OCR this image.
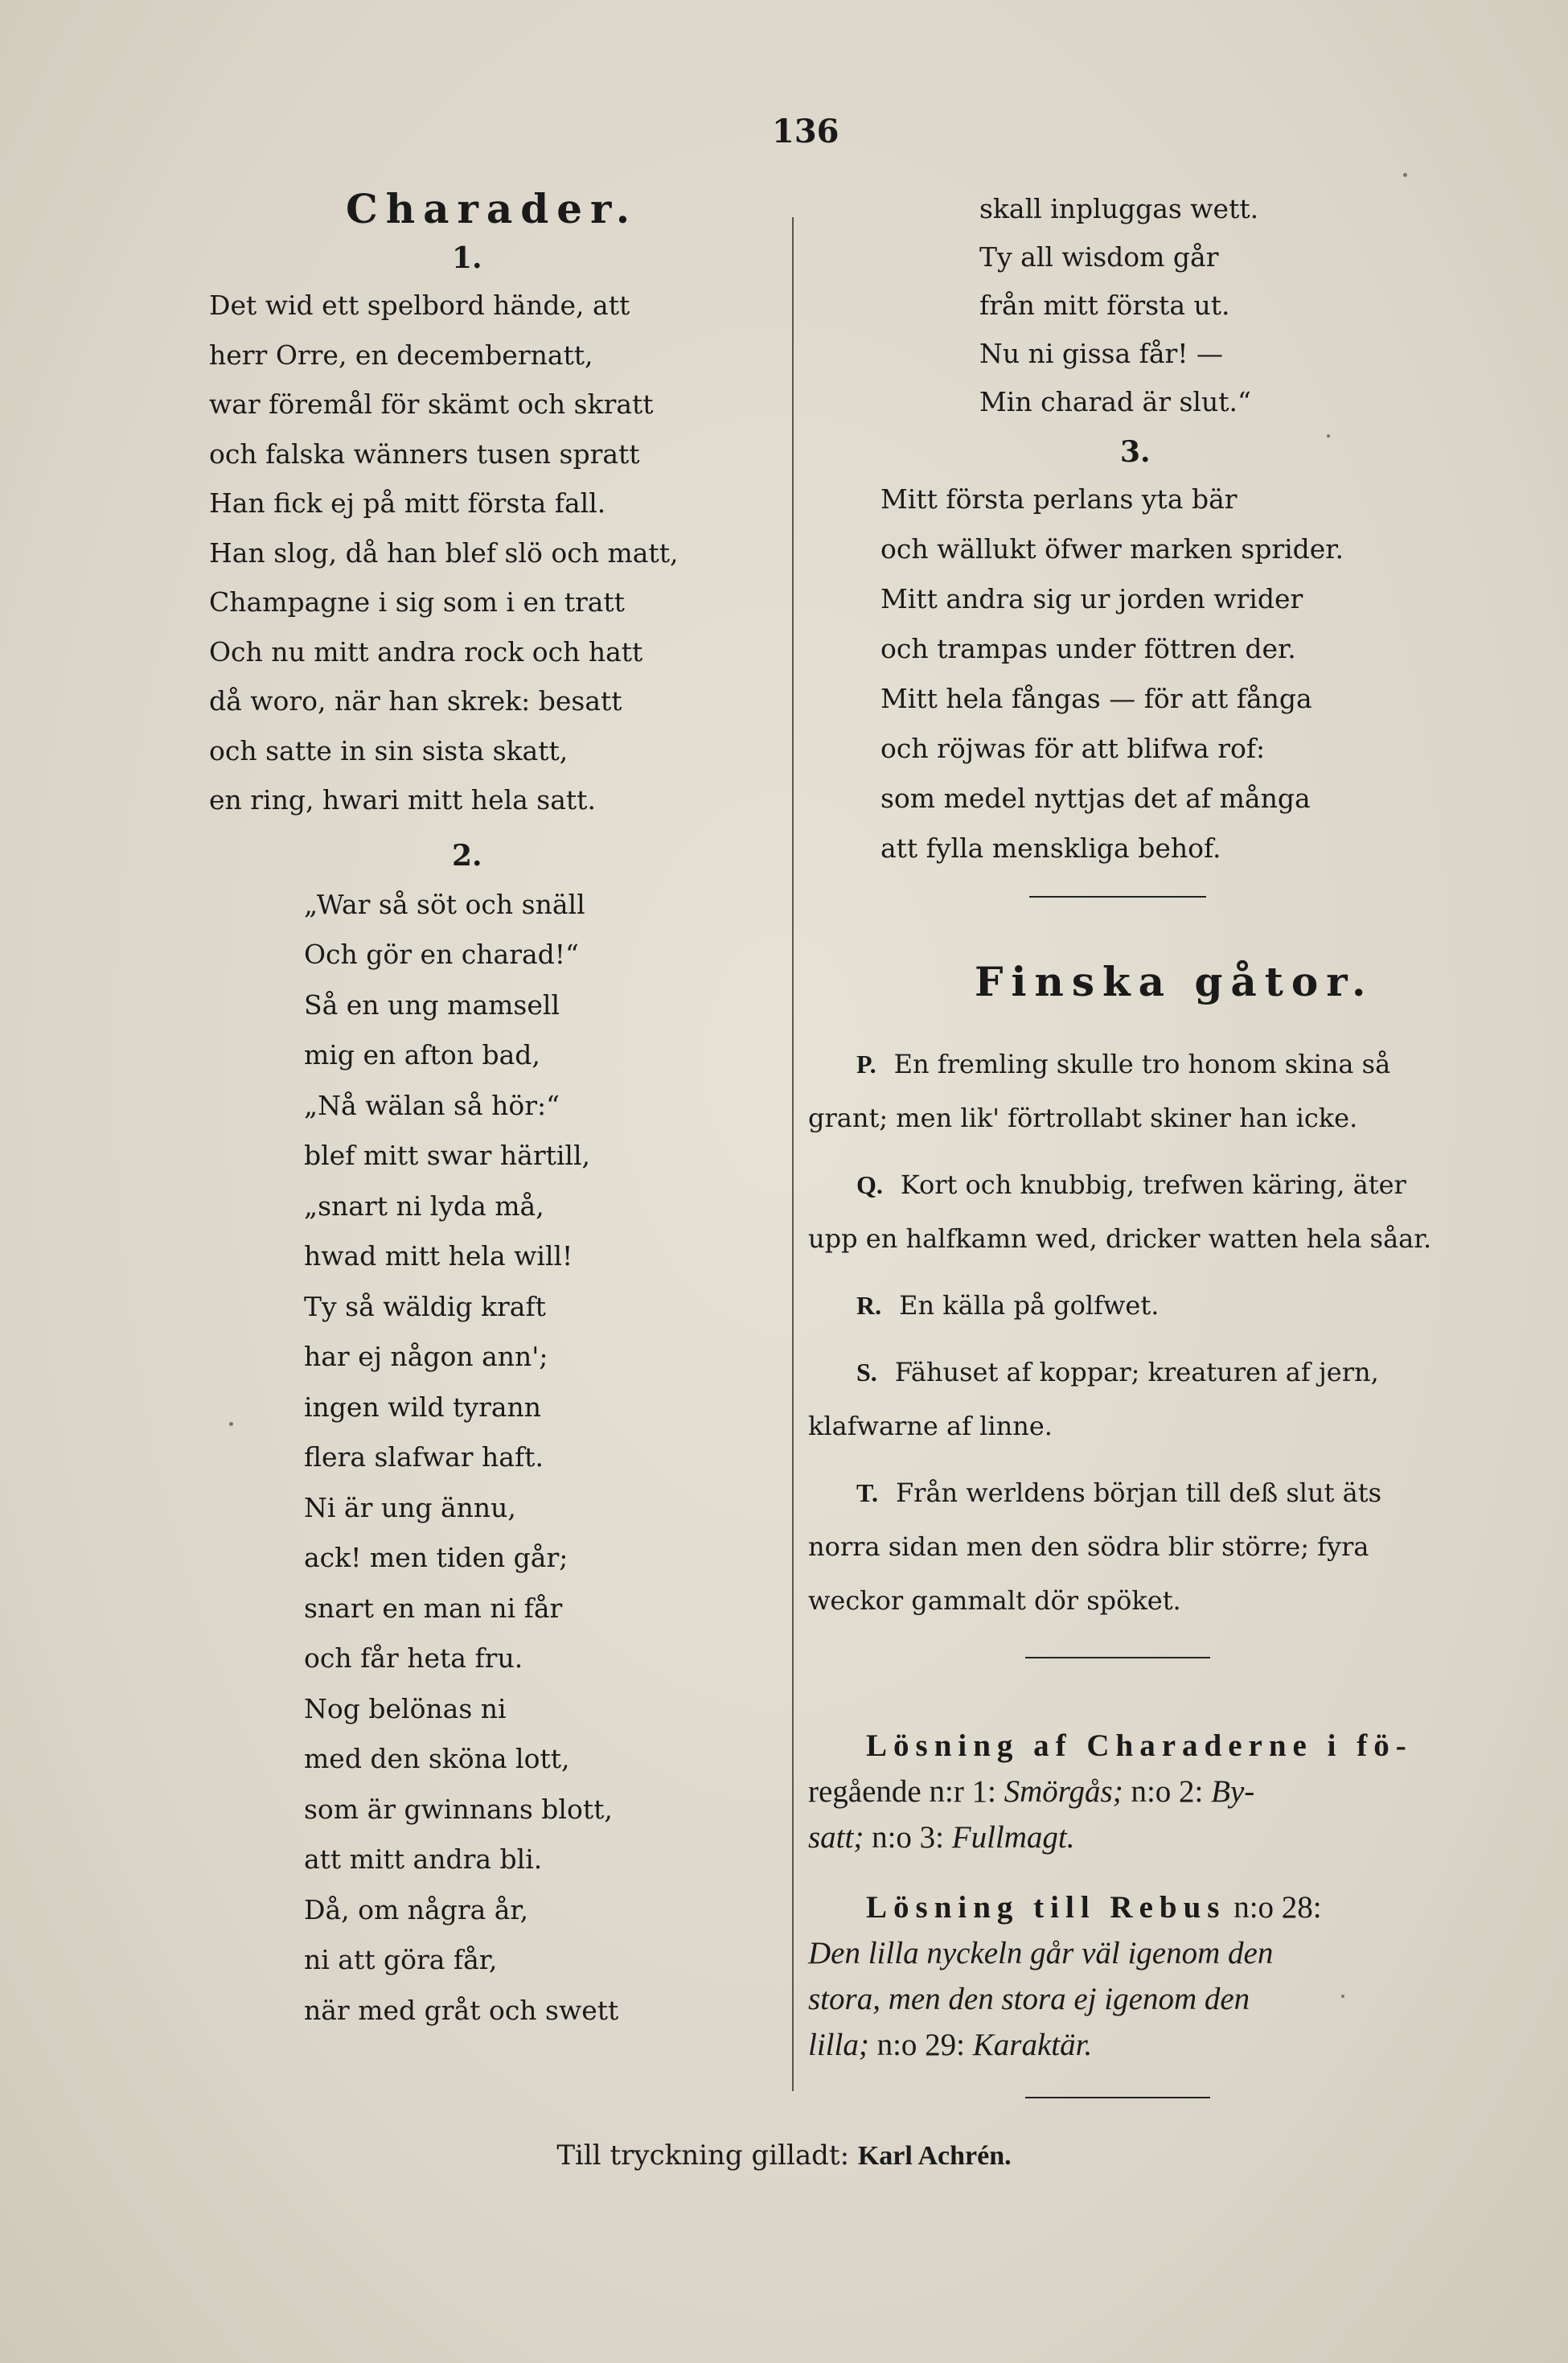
136
Charader.
1.
Det wid ett spelbord hände, att
herr Orre, en decembernatt,
war föremål för skämt och skratt
och falska wänners tusen spratt
Han fick ej på mitt första fall.
Han slog, då han blef slö och matt,
Champagne i sig som i en tratt
Och nu mitt andra rock och hatt
då woro, när han skrek: besatt
och satte in sin sista skatt,
en ring, hwari mitt hela satt.
2.
„War så söt och snäll
Och gör en charad!“
Så en ung mamsell
mig en afton bad,
„Nå wälan så hör:“
blef mitt swar härtill,
„snart ni lyda må,
hwad mitt hela will!
Ty så wäldig kraft
har ej någon ann';
ingen wild tyrann
flera slafwar haft.
Ni är ung ännu,
ack! men tiden går;
snart en man ni får
och får heta fru.
Nog belönas ni
med den sköna lott,
som är gwinnans blott,
att mitt andra bli.
Då, om några år,
ni att göra får,
när med gråt och swett
skall inpluggas wett.
Ty all wisdom går
från mitt första ut.
Nu ni gissa får! —
Min charad är slut.“
3.
Mitt första perlans yta bär
och wällukt öfwer marken sprider.
Mitt andra sig ur jorden wrider
och trampas under föttren der.
Mitt hela fångas — för att fånga
och röjwas för att blifwa rof:
som medel nyttjas det af många
att fylla menskliga behof.
Finska gåtor.
P. En fremling skulle tro honom skina så
grant; men lik' förtrollabt skiner han icke.
Q. Kort och knubbig, trefwen käring, äter
upp en halfkamn wed, dricker watten hela såar.
R. En källa på golfwet.
S. Fähuset af koppar; kreaturen af jern,
klafwarne af linne.
T. Från werldens början till deß slut äts
norra sidan men den södra blir större; fyra
weckor gammalt dör spöket.
Lösning af Charaderne i fö-
regående n:r 1: Smörgås; n:o 2: By-
satt; n:o 3: Fullmagt.
Lösning till Rebus n:o 28:
Den lilla nyckeln går väl igenom den
stora, men den stora ej igenom den
lilla; n:o 29: Karaktär.
Till tryckning gilladt: Karl Achrén.
